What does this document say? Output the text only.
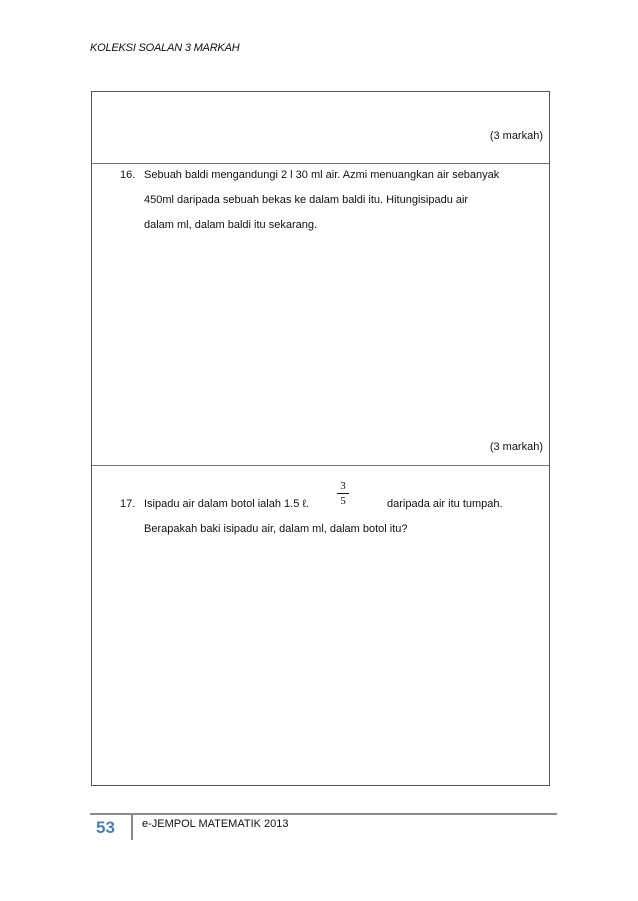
KOLEKSI SOALAN 3 MARKAH
(3 markah)
16. Sebuah baldi mengandungi 2 l 30 ml air. Azmi menuangkan air sebanyak
450ml daripada sebuah bekas ke dalam baldi itu. Hitungisipadu air
dalam ml, dalam baldi itu sekarang.
(3 markah)
17. Isipadu air dalam botol ialah 1.5 ℓ.	daripada air itu tumpah.
Berapakah baki isipadu air, dalam ml, dalam botol itu?
3
5
53 e-JEMPOL MATEMATIK 2013
